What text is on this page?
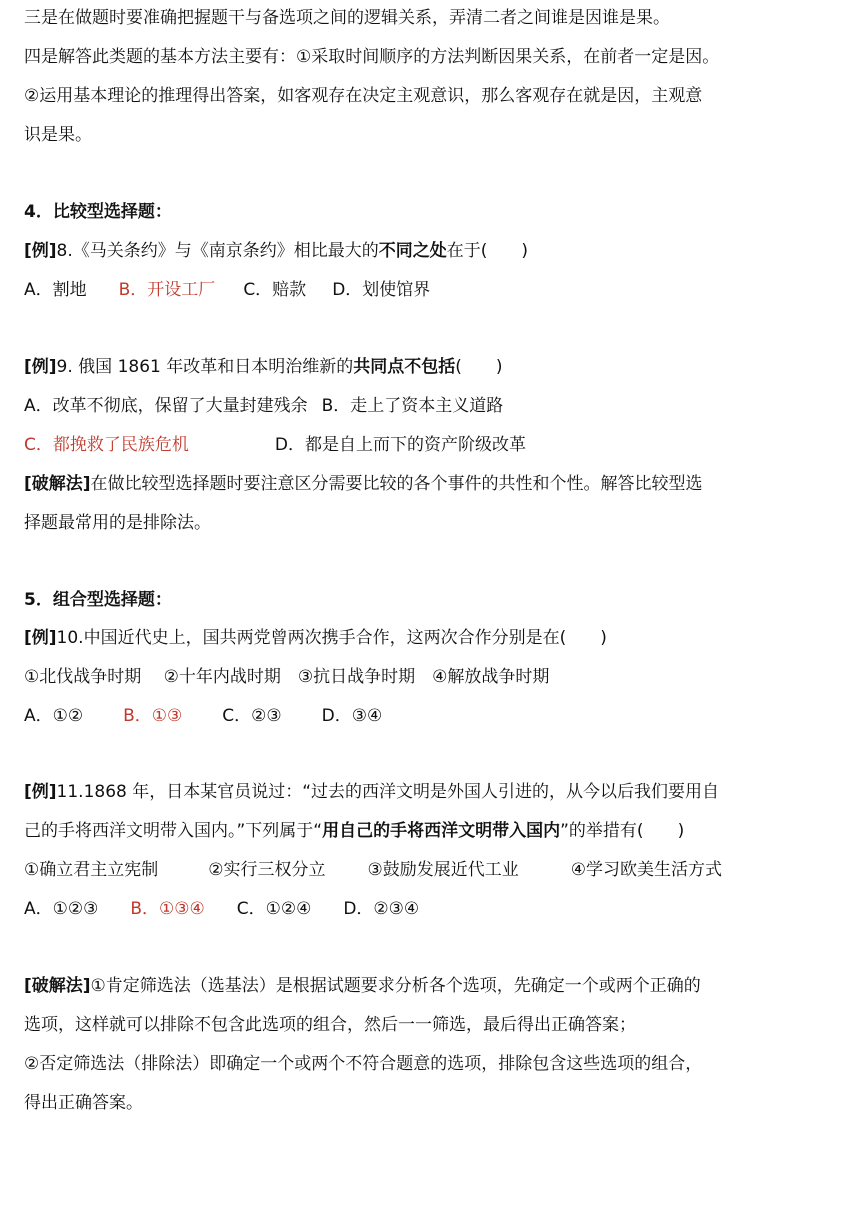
三是在做题时要准确把握题干与备选项之间的逻辑关系，弄清二者之间谁是因谁是果。
四是解答此类题的基本方法主要有：①采取时间顺序的方法判断因果关系，在前者一定是因。
②运用基本理论的推理得出答案，如客观存在决定主观意识，那么客观存在就是因，主观意
识是果。
4．比较型选择题：
[例]8.《马关条约》与《南京条约》相比最大的不同之处在于(　　)
A．割地 B．开设工厂 C．赔款 D．划使馆界
[例]9. 俄国 1861 年改革和日本明治维新的共同点不包括(　　)
A．改革不彻底，保留了大量封建残余 B．走上了资本主义道路
C．都挽救了民族危机	D．都是自上而下的资产阶级改革
[破解法]在做比较型选择题时要注意区分需要比较的各个事件的共性和个性。解答比较型选
择题最常用的是排除法。
5．组合型选择题：
[例]10.中国近代史上，国共两党曾两次携手合作，这两次合作分别是在(　　)
①北伐战争时期　 ②十年内战时期　③抗日战争时期　④解放战争时期
A．①② B．①③ C．②③ D．③④
[例]11.1868 年，日本某官员说过：“过去的西洋文明是外国人引进的，从今以后我们要用自
己的手将西洋文明带入国内。”下列属于“用自己的手将西洋文明带入国内”的举措有(　　)
①确立君主立宪制	②实行三权分立 ③鼓励发展近代工业	④学习欧美生活方式
A．①②③ B．①③④ C．①②④ D．②③④
[破解法]①肯定筛选法（选基法）是根据试题要求分析各个选项，先确定一个或两个正确的
选项，这样就可以排除不包含此选项的组合，然后一一筛选，最后得出正确答案；
②否定筛选法（排除法）即确定一个或两个不符合题意的选项，排除包含这些选项的组合，
得出正确答案。
